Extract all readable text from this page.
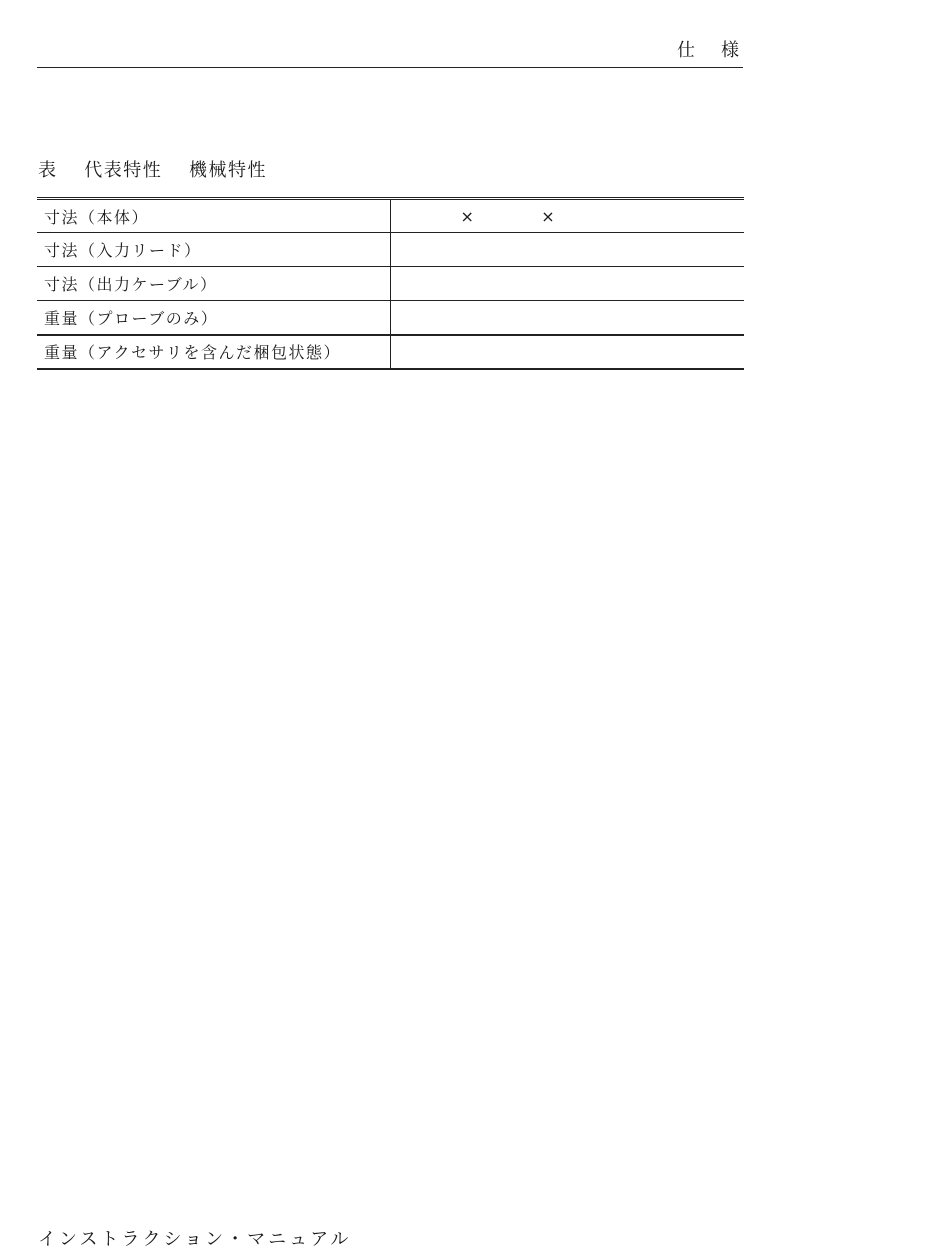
仕　様
表　 代表特性　 機械特性
寸法（本体）	×          ×
寸法（入力リード）	
寸法（出力ケーブル）	
重量（プローブのみ）	
重量（アクセサリを含んだ梱包状態）	
インストラクション・マニュアル
